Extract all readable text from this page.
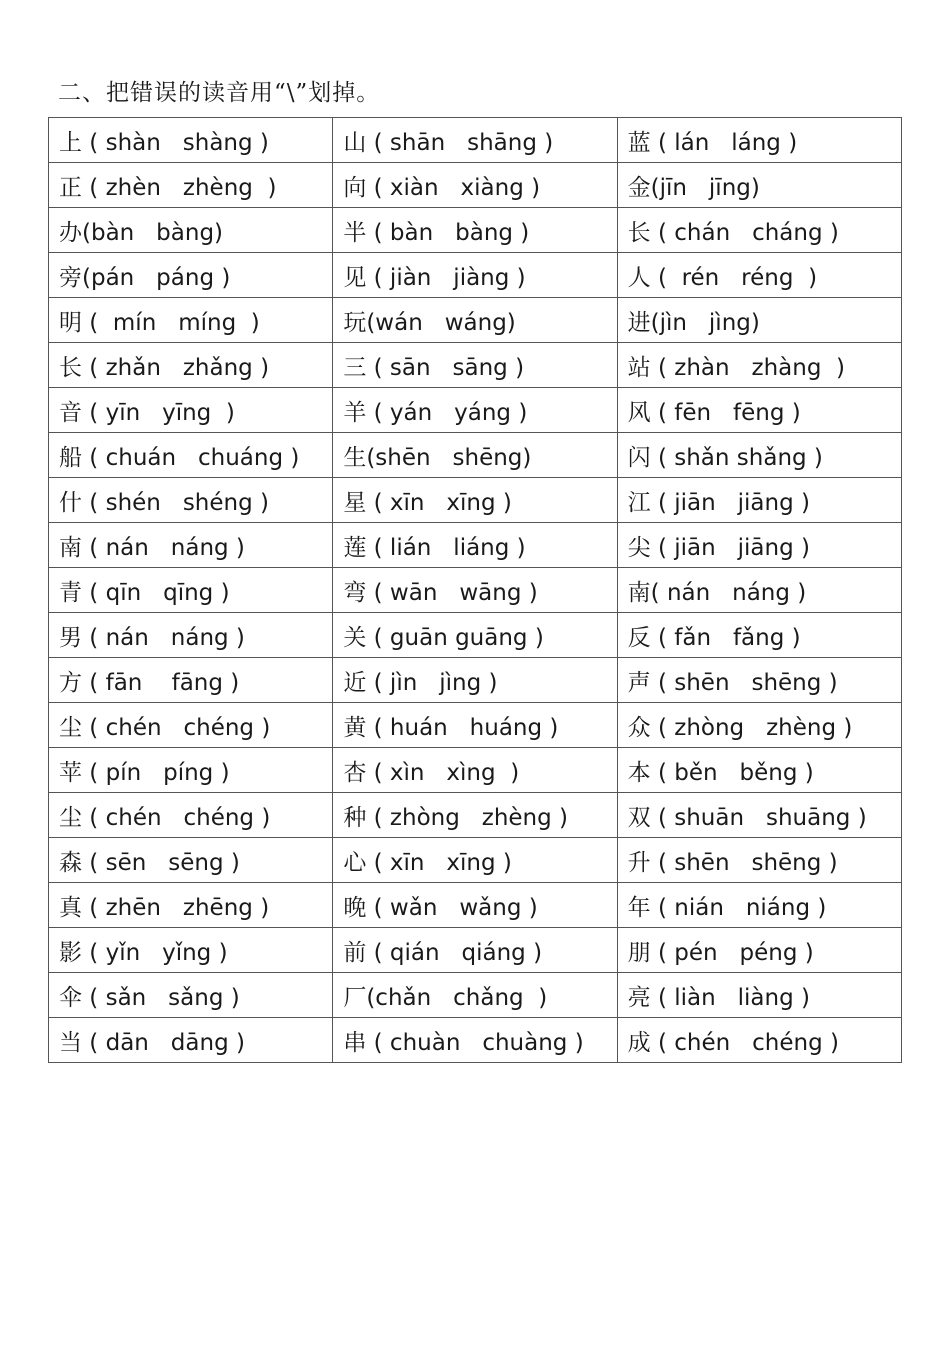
二、把错误的读音用“\”划掉。
上 ( shàn   shàng )	山 ( shān   shāng )	蓝 ( lán   láng )
正 ( zhèn   zhèng  )	向 ( xiàn   xiàng )	金(jīn   jīng)
办(bàn   bàng)	半 ( bàn   bàng )	长 ( chán   cháng )
旁(pán   páng )	见 ( jiàn   jiàng )	人 (  rén   réng  )
明 (  mín   míng  )	玩(wán   wáng)	进(jìn   jìng)
长 ( zhǎn   zhǎng )	三 ( sān   sāng )	站 ( zhàn   zhàng  )
音 ( yīn   yīng  )	羊 ( yán   yáng )	风 ( fēn   fēng )
船 ( chuán   chuáng )	生(shēn   shēng)	闪 ( shǎn shǎng )
什 ( shén   shéng )	星 ( xīn   xīng )	江 ( jiān   jiāng )
南 ( nán   náng )	莲 ( lián   liáng )	尖 ( jiān   jiāng )
青 ( qīn   qīng )	弯 ( wān   wāng )	南( nán   náng )
男 ( nán   náng )	关 ( guān guāng )	反 ( fǎn   fǎng )
方 ( fān    fāng )	近 ( jìn   jìng )	声 ( shēn   shēng )
尘 ( chén   chéng )	黄 ( huán   huáng )	众 ( zhòng   zhèng )
苹 ( pín   píng )	杏 ( xìn   xìng  )	本 ( běn   běng )
尘 ( chén   chéng )	种 ( zhòng   zhèng )	双 ( shuān   shuāng )
森 ( sēn   sēng )	心 ( xīn   xīng )	升 ( shēn   shēng )
真 ( zhēn   zhēng )	晚 ( wǎn   wǎng )	年 ( nián   niáng )
影 ( yǐn   yǐng )	前 ( qián   qiáng )	朋 ( pén   péng )
伞 ( sǎn   sǎng )	厂(chǎn   chǎng  )	亮 ( liàn   liàng )
当 ( dān   dāng )	串 ( chuàn   chuàng )	成 ( chén   chéng )
